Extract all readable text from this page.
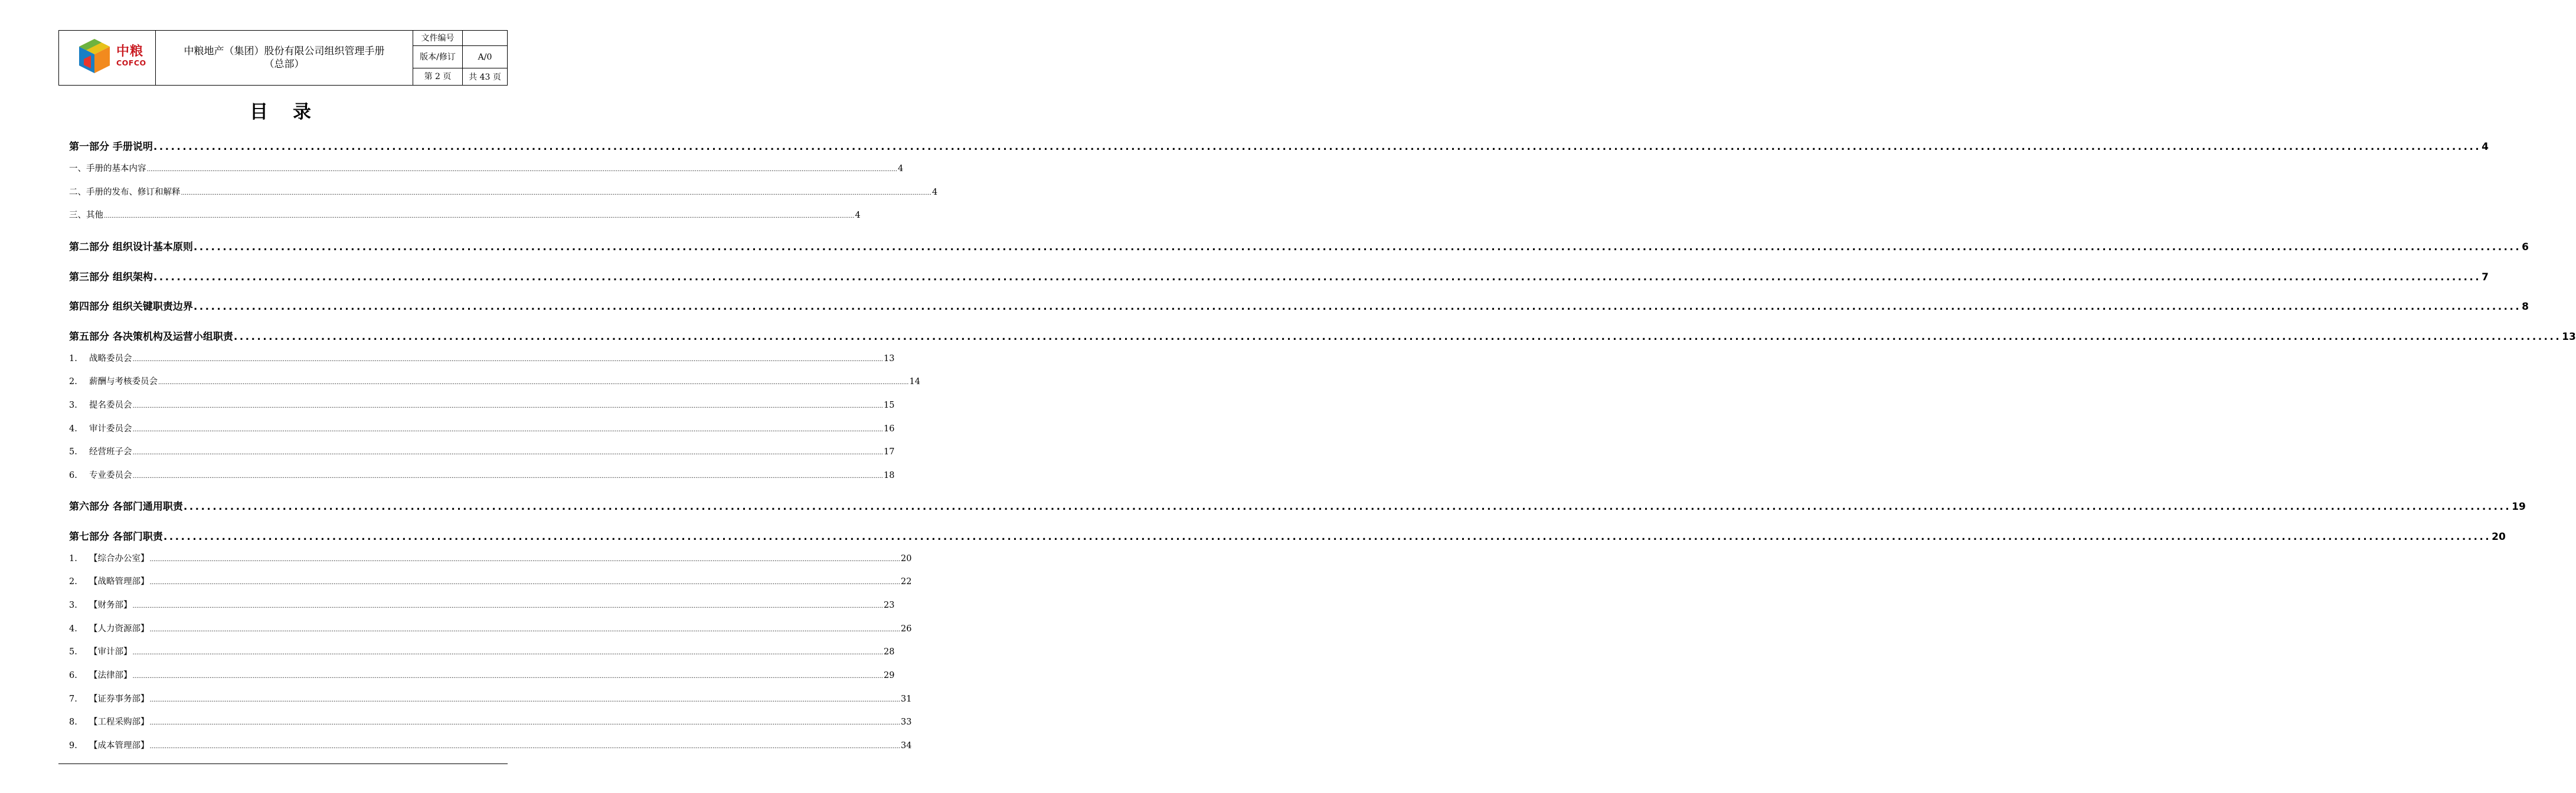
中粮
COFCO
中粮地产（集团）股份有限公司组织管理手册
（总部）
文件编号
版本/修订	A/0
第 2 页	共 43 页
目录
第一部分 手册说明 ................................................................................................................................................................................................................................................................................................................................................................................................................ 4
一、手册的基本内容 ................................................................................................................................................................................................................................................................................................................................................................................................................ 4
二、手册的发布、修订和解释 ................................................................................................................................................................................................................................................................................................................................................................................................................ 4
三、其他 ................................................................................................................................................................................................................................................................................................................................................................................................................ 4
第二部分 组织设计基本原则 ................................................................................................................................................................................................................................................................................................................................................................................................................ 6
第三部分 组织架构 ................................................................................................................................................................................................................................................................................................................................................................................................................ 7
第四部分 组织关键职责边界 ................................................................................................................................................................................................................................................................................................................................................................................................................ 8
第五部分 各决策机构及运营小组职责 ................................................................................................................................................................................................................................................................................................................................................................................................................ 13
1. 战略委员会 ................................................................................................................................................................................................................................................................................................................................................................................................................ 13
2. 薪酬与考核委员会 ................................................................................................................................................................................................................................................................................................................................................................................................................ 14
3. 提名委员会 ................................................................................................................................................................................................................................................................................................................................................................................................................ 15
4. 审计委员会 ................................................................................................................................................................................................................................................................................................................................................................................................................ 16
5. 经营班子会 ................................................................................................................................................................................................................................................................................................................................................................................................................ 17
6. 专业委员会 ................................................................................................................................................................................................................................................................................................................................................................................................................ 18
第六部分 各部门通用职责 ................................................................................................................................................................................................................................................................................................................................................................................................................ 19
第七部分 各部门职责 ................................................................................................................................................................................................................................................................................................................................................................................................................ 20
1. 【综合办公室】 ................................................................................................................................................................................................................................................................................................................................................................................................................ 20
2. 【战略管理部】 ................................................................................................................................................................................................................................................................................................................................................................................................................ 22
3. 【财务部】 ................................................................................................................................................................................................................................................................................................................................................................................................................ 23
4. 【人力资源部】 ................................................................................................................................................................................................................................................................................................................................................................................................................ 26
5. 【审计部】 ................................................................................................................................................................................................................................................................................................................................................................................................................ 28
6. 【法律部】 ................................................................................................................................................................................................................................................................................................................................................................................................................ 29
7. 【证券事务部】 ................................................................................................................................................................................................................................................................................................................................................................................................................ 31
8. 【工程采购部】 ................................................................................................................................................................................................................................................................................................................................................................................................................ 33
9. 【成本管理部】 ................................................................................................................................................................................................................................................................................................................................................................................................................ 34
